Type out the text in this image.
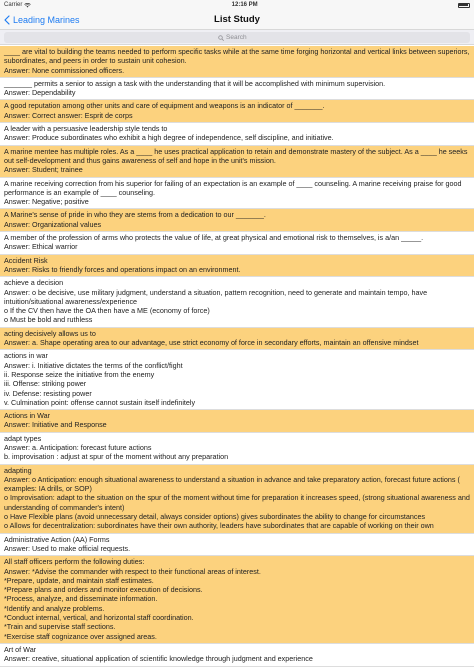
Carrier	12:16 PM
Leading Marines	List Study
Search
____ are vital to building the teams needed to perform specific tasks while at the same time forging horizontal and vertical links between superiors, subordinates, and peers in order to sustain unit cohesion.
Answer: None commissioned officers.
_______ permits a senior to assign a task with the understanding that it will be accomplished with minimum supervision.
Answer: Dependability
A good reputation among other units and care of equipment and weapons is an indicator of _______.
Answer: Correct answer: Esprit de corps
A leader with a persuasive leadership style tends to
Answer: Produce subordinates who exhibit a high degree of independence, self discipline, and initiative.
A marine mentee has multiple roles. As a ____ he uses practical application to retain and demonstrate mastery of the subject. As a ____ he seeks out self-development and thus gains awareness of self and hope in the unit's mission.
Answer: Student; trainee
A marine receiving correction from his superior for failing of an expectation is an example of ____ counseling. A marine receiving praise for good performance is an example of ____ counseling.
Answer: Negative; positive
A Marine's sense of pride in who they are stems from a dedication to our _______.
Answer: Organizational values
A member of the profession of arms who protects the value of life, at great physical and emotional risk to themselves, is a/an _____.
Answer: Ethical warrior
Accident Risk
Answer: Risks to friendly forces and operations impact on an environment.
achieve a decision
Answer: o be decisive, use military judgment, understand a situation, pattern recognition, need to generate and maintain tempo, have intuition/situational awareness/experience
o If the CV then have the OA then have a ME (economy of force)
o Must be bold and ruthless
acting decisively allows us to
Answer: a. Shape operating area to our advantage, use strict economy of force in secondary efforts, maintain an offensive mindset
actions in war
Answer: i. Initiative dictates the terms of the conflict/fight
ii. Response seize the initiative from the enemy
iii. Offense: striking power
iv. Defense: resisting power
v. Culmination point: offense cannot sustain itself indefinitely
Actions in War
Answer: Initiative and Response
adapt types
Answer: a. Anticipation: forecast future actions
b. improvisation : adjust at spur of the moment without any preparation
adapting
Answer: o Anticipation: enough situational awareness to understand a situation in advance and take preparatory action, forecast future actions ( examples: IA drills, or SOP)
o Improvisation: adapt to the situation on the spur of the moment without time for preparation it increases speed, (strong situational awareness and understanding of commander's intent)
o Have Flexible plans (avoid unnecessary detail, always consider options) gives subordinates the ability to change for circumstances
o Allows for decentralization: subordinates have their own authority, leaders have subordinates that are capable of working on their own
Administrative Action (AA) Forms
Answer: Used to make official requests.
All staff officers perform the following duties:
Answer: *Advise the commander with respect to their functional areas of interest.
*Prepare, update, and maintain staff estimates.
*Prepare plans and orders and monitor execution of decisions.
*Process, analyze, and disseminate information.
*Identify and analyze problems.
*Conduct internal, vertical, and horizontal staff coordination.
*Train and supervise staff sections.
*Exercise staff cognizance over assigned areas.
Art of War
Answer: creative, situational application of scientific knowledge through judgment and experience
